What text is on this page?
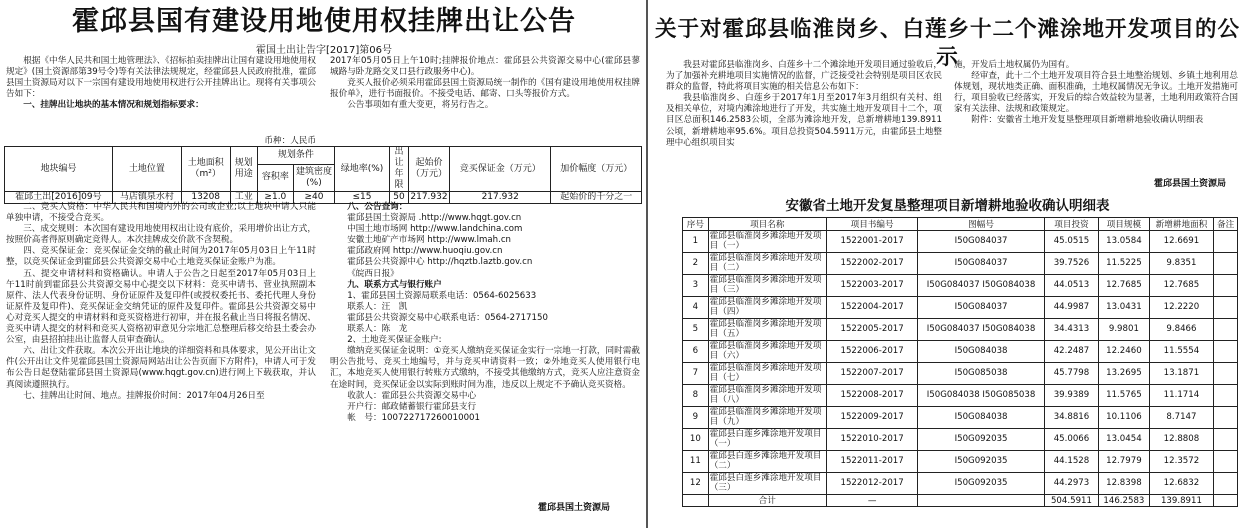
霍邱县国有建设用地使用权挂牌出让公告
霍国土出让告字[2017]第06号

根据《中华人民共和国土地管理法》、《招标拍卖挂牌出让国有建设用地使用权规定》(国土资源部第39号令)等有关法律法规规定，经霍邱县人民政府批准，霍邱县国土资源局对以下一宗国有建设用地使用权进行公开挂牌出让。现将有关事项公告如下：

一、挂牌出让地块的基本情况和规划指标要求：

币种：人民币

2017年05月05日上午10时;挂牌报价地点：霍邱县公共资源交易中心(霍邱县蓼城路与卧龙路交叉口县行政服务中心)。

竞买人报价必须采用霍邱县国土资源局统一制作的《国有建设用地使用权挂牌报价单》，进行书面报价。不接受电话、邮寄、口头等报价方式。

公告事项如有重大变更，将另行告之。

地块编号	土地位置	土地面积（m²）	规划用途	规划条件		绿地率(%)	出让年限	起始价（万元）	竞买保证金（万元）	加价幅度（万元）
				容积率	建筑密度(%)					
霍邱土出[2016]09号	马店镇泉水村	13208	工业	≥1.0	≥40	≤15	50	217.932	217.932	起始价的千分之一

二、竞买人资格：中华人民共和国境内外的公司或企业;以上地块申请人只能单独申请，不接受合竞买。

三、成交规则：本次国有建设用地使用权出让设有底价，采用增价出让方式，按照价高者得原则确定竞得人。本次挂牌成交价款不含契税。

四、竞买保证金：竞买保证金交纳的截止时间为2017年05月03日上午11时整，以竞买保证金到霍邱县公共资源交易中心土地竞买保证金账户为准。

五、提交申请材料和资格确认。申请人于公告之日起至2017年05月03日上午11时前到霍邱县公共资源交易中心提交以下材料：竞买申请书、营业执照副本原件、法人代表身份证明、身份证原件及复印件(或授权委托书、委托代理人身份证原件及复印件)、竞买保证金交纳凭证的原件及复印件。霍邱县公共资源交易中心对竞买人提交的申请材料和竞买资格进行初审，并在报名截止当日将报名情况、竞买申请人提交的材料和竞买人资格初审意见分宗地汇总整理后移交给县土委会办公室，由县招拍挂出让监督人员审查确认。

六、出让文件获取。本次公开出让地块的详细资料和具体要求，见公开出让文件(公开出让文件见霍邱县国土资源局网站出让公告页面下方附件)，申请人可于发布公告日起登陆霍邱县国土资源局(www.hqgt.gov.cn)进行网上下载获取，并认真阅读遵照执行。

七、挂牌出让时间、地点。挂牌报价时间：2017年04月26日至

八、公告查询：

霍邱县国土资源局 .http://www.hqgt.gov.cn

中国土地市场网 http://www.landchina.com

安徽土地矿产市场网 http://www.lmah.cn

霍邱政府网 http://www.huoqiu.gov.cn

霍邱县公共资源中心 http://hqztb.laztb.gov.cn

《皖西日报》

九、联系方式与银行账户

1、霍邱县国土资源局联系电话：0564-6025633

联系人：汪　凯

霍邱县公共资源交易中心联系电话：0564-2717150

联系人：陈　龙

2、土地竞买保证金账户:

缴纳竞买保证金说明：①竞买人缴纳竞买保证金实行一宗地一打款，同时需截明公告批号、竞买土地编号，并与竞买申请资料一致；②外地竞买人使用银行电汇，本地竞买人使用银行转账方式缴纳，不接受其他缴纳方式，竞买人应注意资金在途时间，竞买保证金以实际到账时间为准，违反以上规定不予确认竞买资格。

收款人：霍邱县公共资源交易中心

开户行：邮政储蓄银行霍邱县支行

帐　号：100722717260010001

霍邱县国土资源局
关于对霍邱县临淮岗乡、白莲乡十二个滩涂地开发项目的公示

我县对霍邱县临淮岗乡、白莲乡十二个滩涂地开发项目通过验收后，为了加强补充耕地项目实施情况的监督，广泛接受社会特别是项目区农民群众的监督，特此将项目实施的相关信息公布如下：

我县临淮岗乡、白莲乡于2017年1月至2017年3月组织有关村、组及相关单位，对境内滩涂地进行了开发，共实施土地开发项目十二个，项目区总面积146.2583公顷，全部为滩涂地开发，总新增耕地139.8911公顷，新增耕地率95.6%。项目总投资504.5911万元，由霍邱县土地整理中心组织项目实

施，开发后土地权属仍为国有。

经审查，此十二个土地开发项目符合县土地整治规划、乡镇土地利用总体规划，现状地类正确、面积准确，土地权属情况无争议。土地开发措施可行，项目验收已经落实，开发后的综合效益较为显著，土地利用政策符合国家有关法律、法规和政策规定。

附件：安徽省土地开发复垦整理项目新增耕地验收确认明细表

霍邱县国土资源局
安徽省土地开发复垦整理项目新增耕地验收确认明细表
序号	项目名称	项目书编号	图幅号	项目投资	项目规模	新增耕地面积	备注
1	霍邱县临淮岗乡滩涂地开发项目（一）	1522001-2017	I50G084037	45.0515	13.0584	12.6691	
2	霍邱县临淮岗乡滩涂地开发项目（二）	1522002-2017	I50G084037	39.7526	11.5225	9.8351	
3	霍邱县临淮岗乡滩涂地开发项目（三）	1522003-2017	I50G084037 I50G084038	44.0513	12.7685	12.7685	
4	霍邱县临淮岗乡滩涂地开发项目（四）	1522004-2017	I50G084037	44.9987	13.0431	12.2220	
5	霍邱县临淮岗乡滩涂地开发项目（五）	1522005-2017	I50G084037 I50G084038	34.4313	9.9801	9.8466	
6	霍邱县临淮岗乡滩涂地开发项目（六）	1522006-2017	I50G084038	42.2487	12.2460	11.5554	
7	霍邱县临淮岗乡滩涂地开发项目（七）	1522007-2017	I50G085038	45.7798	13.2695	13.1871	
8	霍邱县临淮岗乡滩涂地开发项目（八）	1522008-2017	I50G084038 I50G085038	39.9389	11.5765	11.1714	
9	霍邱县临淮岗乡滩涂地开发项目（九）	1522009-2017	I50G084038	34.8816	10.1106	8.7147	
10	霍邱县白莲乡滩涂地开发项目（一）	1522010-2017	I50G092035	45.0066	13.0454	12.8808	
11	霍邱县白莲乡滩涂地开发项目（二）	1522011-2017	I50G092035	44.1528	12.7979	12.3572	
12	霍邱县白莲乡滩涂地开发项目（三）	1522012-2017	I50G092035	44.2973	12.8398	12.6832	
	合计	—		504.5911	146.2583	139.8911	
